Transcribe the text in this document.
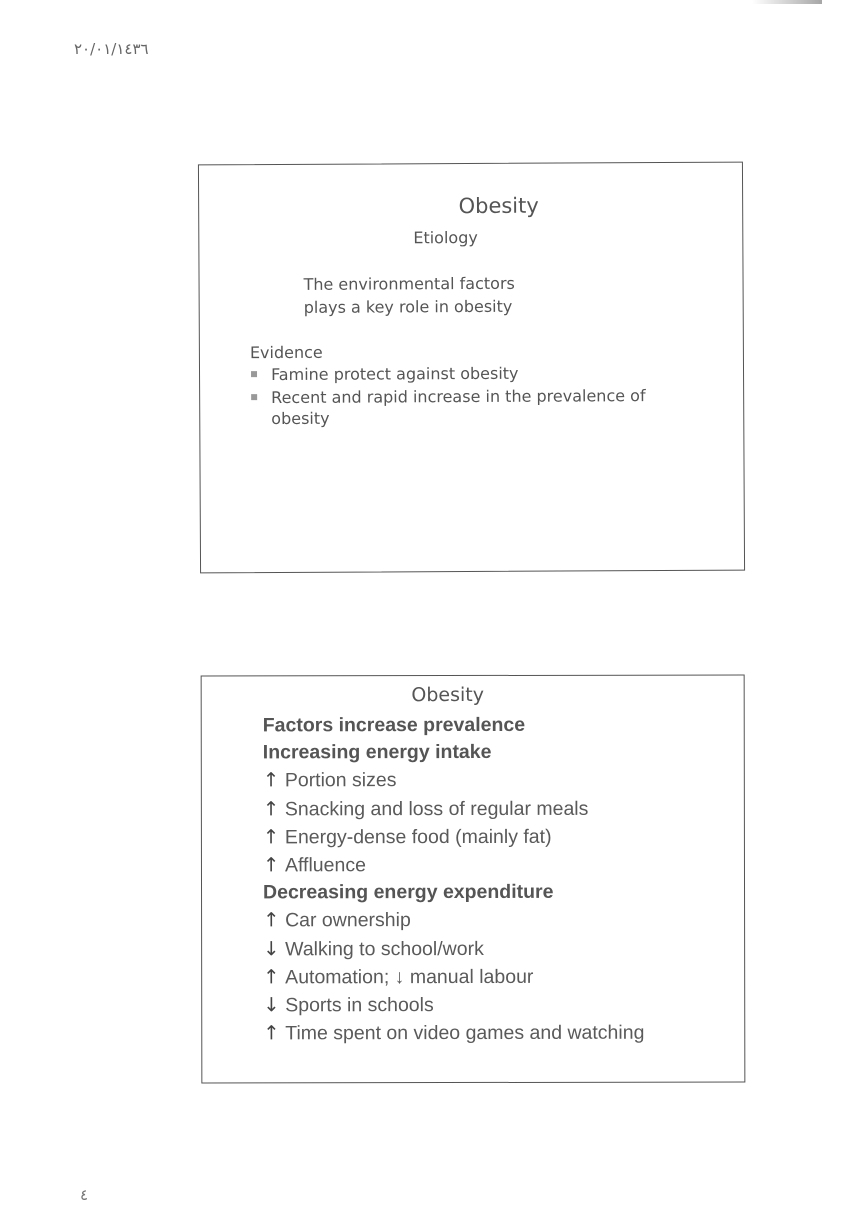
٢٠/٠١/١٤٣٦
Obesity
Etiology
The environmental factors
plays a key role in obesity
Evidence
Famine protect against obesity
Recent and rapid increase in the prevalence of obesity
Obesity
Factors increase prevalence
Increasing energy intake
↑ Portion sizes
↑ Snacking and loss of regular meals
↑ Energy-dense food (mainly fat)
↑ Affluence
Decreasing energy expenditure
↑ Car ownership
↓ Walking to school/work
↑ Automation; ↓ manual labour
↓ Sports in schools
↑ Time spent on video games and watching
٤
